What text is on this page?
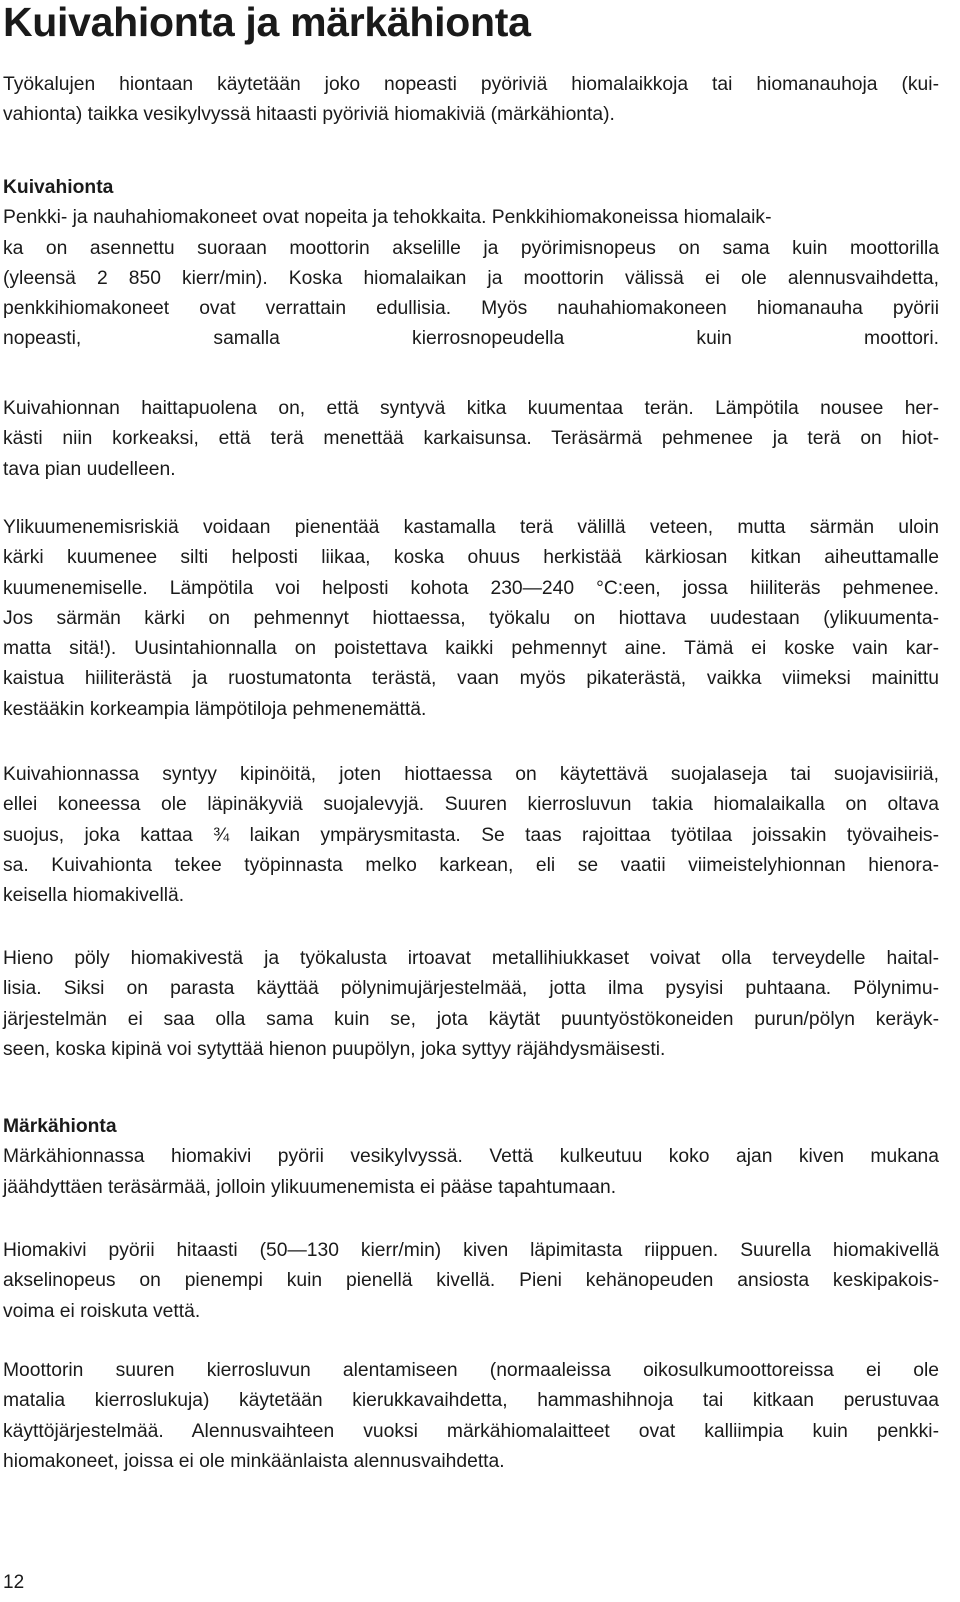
Kuivahionta ja märkähionta

Työkalujen hiontaan käytetään joko nopeasti pyöriviä hiomalaikkoja tai hiomanauhoja (kui-
vahionta) taikka vesikylvyssä hitaasti pyöriviä hiomakiviä (märkähionta).

Kuivahionta
Penkki- ja nauhahiomakoneet ovat nopeita ja tehokkaita. Penkkihiomakoneissa hiomalaik-
ka on asennettu suoraan moottorin akselille ja pyörimisnopeus on sama kuin moottorilla
(yleensä 2 850 kierr/min). Koska hiomalaikan ja moottorin välissä ei ole alennusvaihdetta,
penkkihiomakoneet ovat verrattain edullisia. Myös nauhahiomakoneen hiomanauha pyörii
nopeasti, samalla kierrosnopeudella kuin moottori.

Kuivahionnan haittapuolena on, että syntyvä kitka kuumentaa terän. Lämpötila nousee her-
kästi niin korkeaksi, että terä menettää karkaisunsa. Teräsärmä pehmenee ja terä on hiot-
tava pian uudelleen.

Ylikuumenemisriskiä voidaan pienentää kastamalla terä välillä veteen, mutta särmän uloin
kärki kuumenee silti helposti liikaa, koska ohuus herkistää kärkiosan kitkan aiheuttamalle
kuumenemiselle. Lämpötila voi helposti kohota 230—240 °C:een, jossa hiiliteräs pehmenee.
Jos särmän kärki on pehmennyt hiottaessa, työkalu on hiottava uudestaan (ylikuumenta-
matta sitä!). Uusintahionnalla on poistettava kaikki pehmennyt aine. Tämä ei koske vain kar-
kaistua hiiliterästä ja ruostumatonta terästä, vaan myös pikaterästä, vaikka viimeksi mainittu
kestääkin korkeampia lämpötiloja pehmenemättä.

Kuivahionnassa syntyy kipinöitä, joten hiottaessa on käytettävä suojalaseja tai suojavisiiriä,
ellei koneessa ole läpinäkyviä suojalevyjä. Suuren kierrosluvun takia hiomalaikalla on oltava
suojus, joka kattaa ¾ laikan ympärysmitasta. Se taas rajoittaa työtilaa joissakin työvaiheis-
sa. Kuivahionta tekee työpinnasta melko karkean, eli se vaatii viimeistelyhionnan hienora-
keisella hiomakivellä.

Hieno pöly hiomakivestä ja työkalusta irtoavat metallihiukkaset voivat olla terveydelle haital-
lisia. Siksi on parasta käyttää pölynimujärjestelmää, jotta ilma pysyisi puhtaana. Pölynimu-
järjestelmän ei saa olla sama kuin se, jota käytät puuntyöstökoneiden purun/pölyn keräyk-
seen, koska kipinä voi sytyttää hienon puupölyn, joka syttyy räjähdysmäisesti.

Märkähionta
Märkähionnassa hiomakivi pyörii vesikylvyssä. Vettä kulkeutuu koko ajan kiven mukana
jäähdyttäen teräsärmää, jolloin ylikuumenemista ei pääse tapahtumaan.

Hiomakivi pyörii hitaasti (50—130 kierr/min) kiven läpimitasta riippuen. Suurella hiomakivellä
akselinopeus on pienempi kuin pienellä kivellä. Pieni kehänopeuden ansiosta keskipakois-
voima ei roiskuta vettä.

Moottorin suuren kierrosluvun alentamiseen (normaaleissa oikosulkumoottoreissa ei ole
matalia kierroslukuja) käytetään kierukkavaihdetta, hammashihnoja tai kitkaan perustuvaa
käyttöjärjestelmää. Alennusvaihteen vuoksi märkähiomalaitteet ovat kalliimpia kuin penkki-
hiomakoneet, joissa ei ole minkäänlaista alennusvaihdetta.

12
